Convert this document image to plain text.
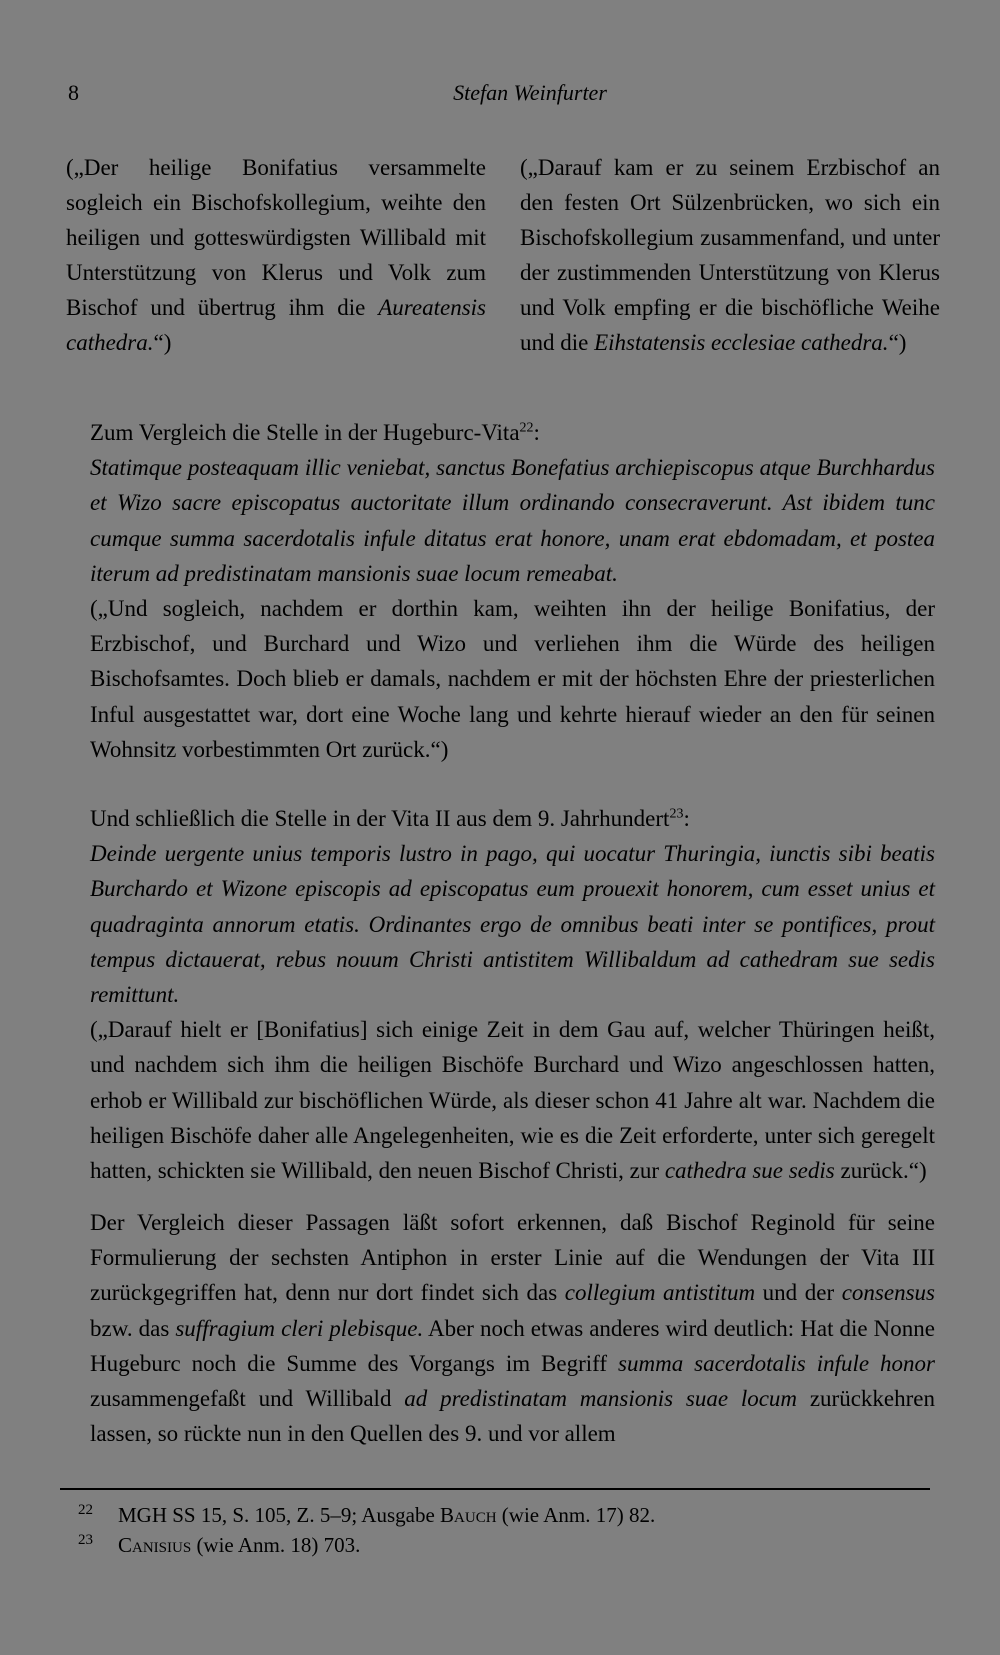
8	Stefan Weinfurter
(„Der heilige Bonifatius versammelte sogleich ein Bischofskollegium, weihte den heiligen und gotteswürdigsten Willibald mit Unterstützung von Klerus und Volk zum Bischof und übertrug ihm die Aureatensis cathedra.“)
(„Darauf kam er zu seinem Erzbischof an den festen Ort Sülzenbrücken, wo sich ein Bischofskollegium zusammenfand, und unter der zustimmenden Unterstützung von Klerus und Volk empfing er die bischöfliche Weihe und die Eihstatensis ecclesiae cathedra.“)
Zum Vergleich die Stelle in der Hugeburc-Vita$^{22}$:
Statimque posteaquam illic veniebat, sanctus Bonefatius archiepiscopus atque Burchhardus et Wizo sacre episcopatus auctoritate illum ordinando consecraverunt. Ast ibidem tunc cumque summa sacerdotalis infule ditatus erat honore, unam erat ebdomadam, et postea iterum ad predistinatam mansionis suae locum remeabat.
(„Und sogleich, nachdem er dorthin kam, weihten ihn der heilige Bonifatius, der Erzbischof, und Burchard und Wizo und verliehen ihm die Würde des heiligen Bischofsamtes. Doch blieb er damals, nachdem er mit der höchsten Ehre der priesterlichen Inful ausgestattet war, dort eine Woche lang und kehrte hierauf wieder an den für seinen Wohnsitz vorbestimmten Ort zurück.“)
Und schließlich die Stelle in der Vita II aus dem 9. Jahrhundert$^{23}$:
Deinde uergente unius temporis lustro in pago, qui uocatur Thuringia, iunctis sibi beatis Burchardo et Wizone episcopis ad episcopatus eum prouexit honorem, cum esset unius et quadraginta annorum etatis. Ordinantes ergo de omnibus beati inter se pontifices, prout tempus dictauerat, rebus nouum Christi antistitem Willibaldum ad cathedram sue sedis remittunt.
(„Darauf hielt er [Bonifatius] sich einige Zeit in dem Gau auf, welcher Thüringen heißt, und nachdem sich ihm die heiligen Bischöfe Burchard und Wizo angeschlossen hatten, erhob er Willibald zur bischöflichen Würde, als dieser schon 41 Jahre alt war. Nachdem die heiligen Bischöfe daher alle Angelegenheiten, wie es die Zeit erforderte, unter sich geregelt hatten, schickten sie Willibald, den neuen Bischof Christi, zur cathedra sue sedis zurück.“)
Der Vergleich dieser Passagen läßt sofort erkennen, daß Bischof Reginold für seine Formulierung der sechsten Antiphon in erster Linie auf die Wendungen der Vita III zurückgegriffen hat, denn nur dort findet sich das collegium antistitum und der consensus bzw. das suffragium cleri plebisque. Aber noch etwas anderes wird deutlich: Hat die Nonne Hugeburc noch die Summe des Vorgangs im Begriff summa sacerdotalis infule honor zusammengefaßt und Willibald ad predistinatam mansionis suae locum zurückkehren lassen, so rückte nun in den Quellen des 9. und vor allem
22 MGH SS 15, S. 105, Z. 5–9; Ausgabe Bauch (wie Anm. 17) 82.
23 Canisius (wie Anm. 18) 703.
